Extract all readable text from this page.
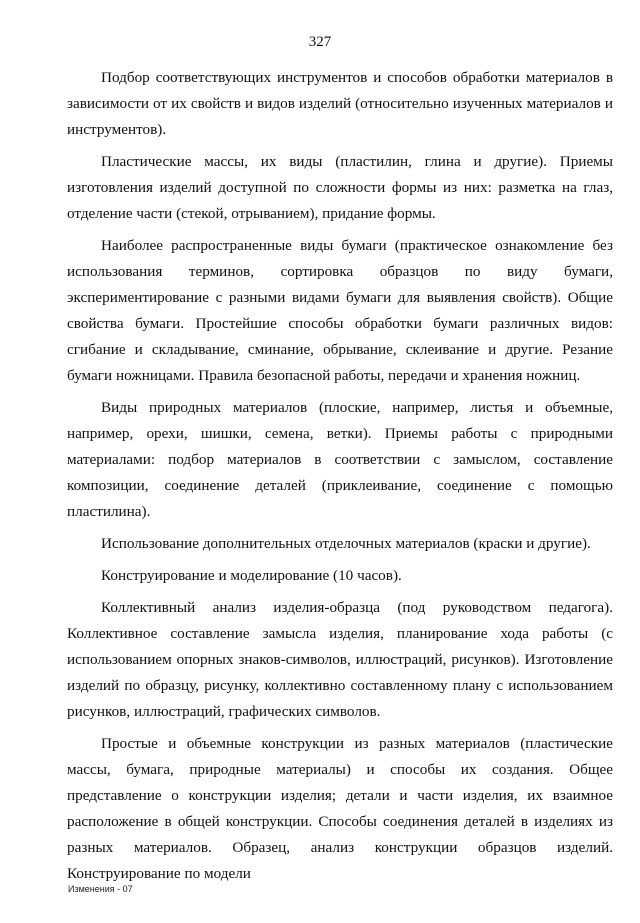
327

Подбор соответствующих инструментов и способов обработки материалов в зависимости от их свойств и видов изделий (относительно изученных материалов и инструментов).

Пластические массы, их виды (пластилин, глина и другие). Приемы изготовления изделий доступной по сложности формы из них: разметка на глаз, отделение части (стекой, отрыванием), придание формы.

Наиболее распространенные виды бумаги (практическое ознакомление без использования терминов, сортировка образцов по виду бумаги, экспериментирование с разными видами бумаги для выявления свойств). Общие свойства бумаги. Простейшие способы обработки бумаги различных видов: сгибание и складывание, сминание, обрывание, склеивание и другие. Резание бумаги ножницами. Правила безопасной работы, передачи и хранения ножниц.

Виды природных материалов (плоские, например, листья и объемные, например, орехи, шишки, семена, ветки). Приемы работы с природными материалами: подбор материалов в соответствии с замыслом, составление композиции, соединение деталей (приклеивание, соединение с помощью пластилина).

Использование дополнительных отделочных материалов (краски и другие).

Конструирование и моделирование (10 часов).

Коллективный анализ изделия-образца (под руководством педагога). Коллективное составление замысла изделия, планирование хода работы (с использованием опорных знаков-символов, иллюстраций, рисунков). Изготовление изделий по образцу, рисунку, коллективно составленному плану с использованием рисунков, иллюстраций, графических символов.

Простые и объемные конструкции из разных материалов (пластические массы, бумага, природные материалы) и способы их создания. Общее представление о конструкции изделия; детали и части изделия, их взаимное расположение в общей конструкции. Способы соединения деталей в изделиях из разных материалов. Образец, анализ конструкции образцов изделий. Конструирование по модели

Изменения - 07
